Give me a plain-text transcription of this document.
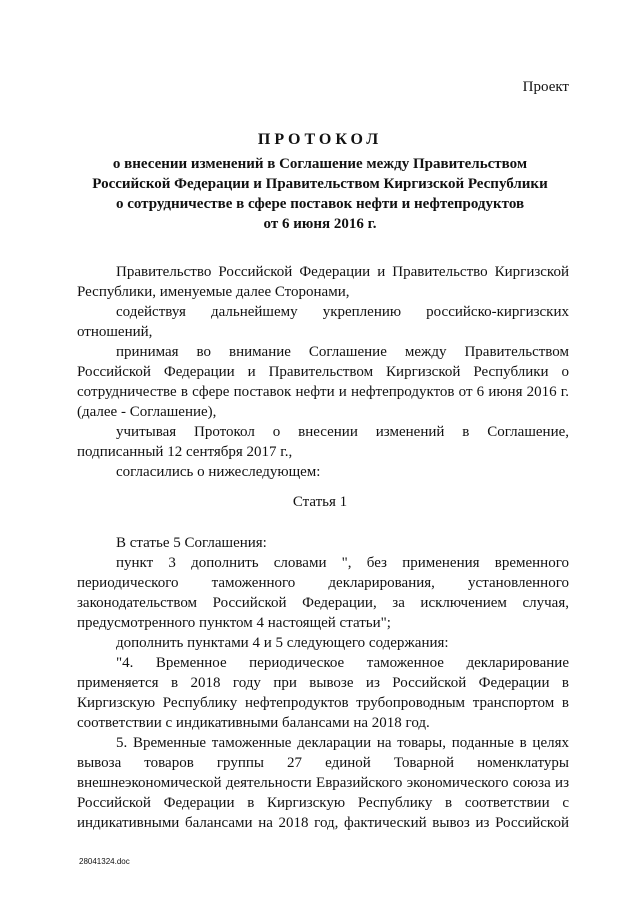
Проект
ПРОТОКОЛ
о внесении изменений в Соглашение между Правительством
Российской Федерации и Правительством Киргизской Республики
о сотрудничестве в сфере поставок нефти и нефтепродуктов
от 6 июня 2016 г.

Правительство Российской Федерации и Правительство Киргизской Республики, именуемые далее Сторонами,

содействуя дальнейшему укреплению российско-киргизских отношений,

принимая во внимание Соглашение между Правительством Российской Федерации и Правительством Киргизской Республики о сотрудничестве в сфере поставок нефти и нефтепродуктов от 6 июня 2016 г. (далее - Соглашение),

учитывая Протокол о внесении изменений в Соглашение, подписанный 12 сентября 2017 г.,

согласились о нижеследующем:

Статья 1

В статье 5 Соглашения:

пункт 3 дополнить словами ", без применения временного периодического таможенного декларирования, установленного законодательством Российской Федерации, за исключением случая, предусмотренного пунктом 4 настоящей статьи";

дополнить пунктами 4 и 5 следующего содержания:

"4. Временное периодическое таможенное декларирование применяется в 2018 году при вывозе из Российской Федерации в Киргизскую Республику нефтепродуктов трубопроводным транспортом в соответствии с индикативными балансами на 2018 год.

5. Временные таможенные декларации на товары, поданные в целях вывоза товаров группы 27 единой Товарной номенклатуры внешнеэкономической деятельности Евразийского экономического союза из Российской Федерации в Киргизскую Республику в соответствии с индикативными балансами на 2018 год, фактический вывоз из Российской

28041324.doc
